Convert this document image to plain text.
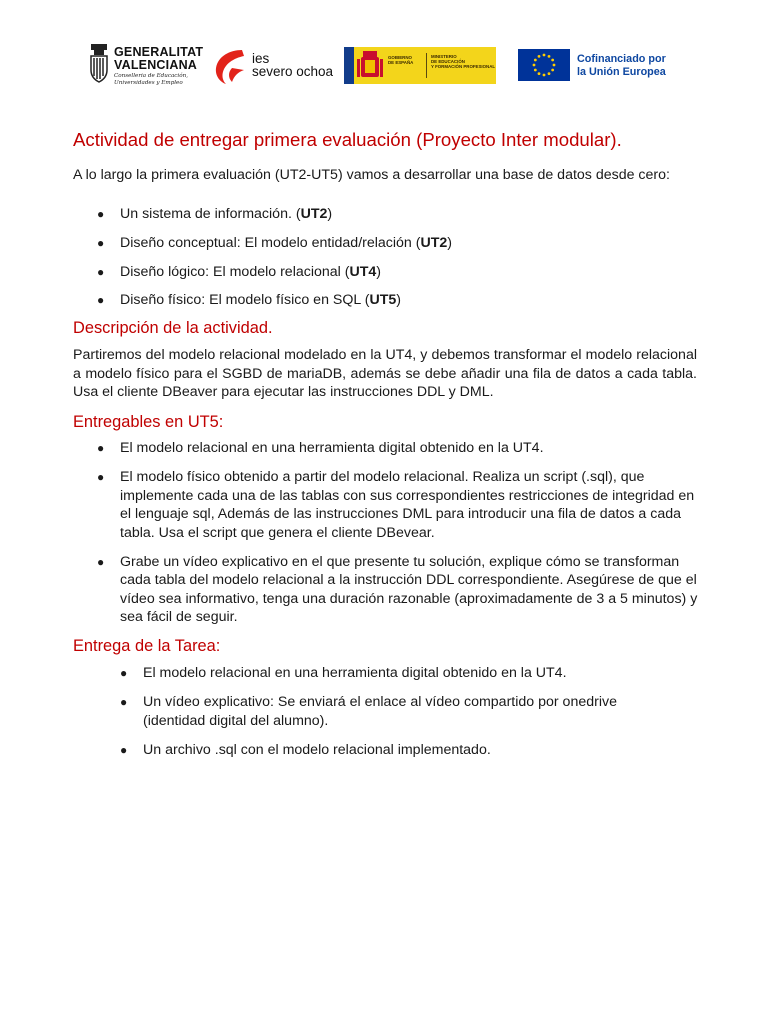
GENERALITAT
VALENCIANA
Conselleria de Educación,
Universidades y Empleo
ies
severo ochoa
GOBIERNO
DE ESPAÑA
MINISTERIO
DE EDUCACIÓN
Y FORMACIÓN PROFESIONAL
Cofinanciado por
la Unión Europea
Actividad de entregar primera evaluación (Proyecto Inter modular).

A lo largo la primera evaluación (UT2-UT5) vamos a desarrollar una base de datos desde cero:

● Un sistema de información. (UT2)
● Diseño conceptual: El modelo entidad/relación (UT2)
● Diseño lógico: El modelo relacional (UT4)
● Diseño físico: El modelo físico en SQL (UT5)
Descripción de la actividad.

Partiremos del modelo relacional modelado en la UT4, y debemos transformar el modelo relacional a modelo físico para el SGBD de mariaDB, además se debe añadir una fila de datos a cada tabla. Usa el cliente DBeaver para ejecutar las instrucciones DDL y DML.

Entregables en UT5:
● El modelo relacional en una herramienta digital obtenido en la UT4.
● El modelo físico obtenido a partir del modelo relacional. Realiza un script (.sql), que implemente cada una de las tablas con sus correspondientes restricciones de integridad en el lenguaje sql, Además de las instrucciones DML para introducir una fila de datos a cada tabla. Usa el script que genera el cliente DBevear.
● Grabe un vídeo explicativo en el que presente tu solución, explique cómo se transforman cada tabla del modelo relacional a la instrucción DDL correspondiente. Asegúrese de que el vídeo sea informativo, tenga una duración razonable (aproximadamente de 3 a 5 minutos) y sea fácil de seguir.
Entrega de la Tarea:
● El modelo relacional en una herramienta digital obtenido en la UT4.
● Un vídeo explicativo: Se enviará el enlace al vídeo compartido por onedrive (identidad digital del alumno).
● Un archivo .sql con el modelo relacional implementado.
